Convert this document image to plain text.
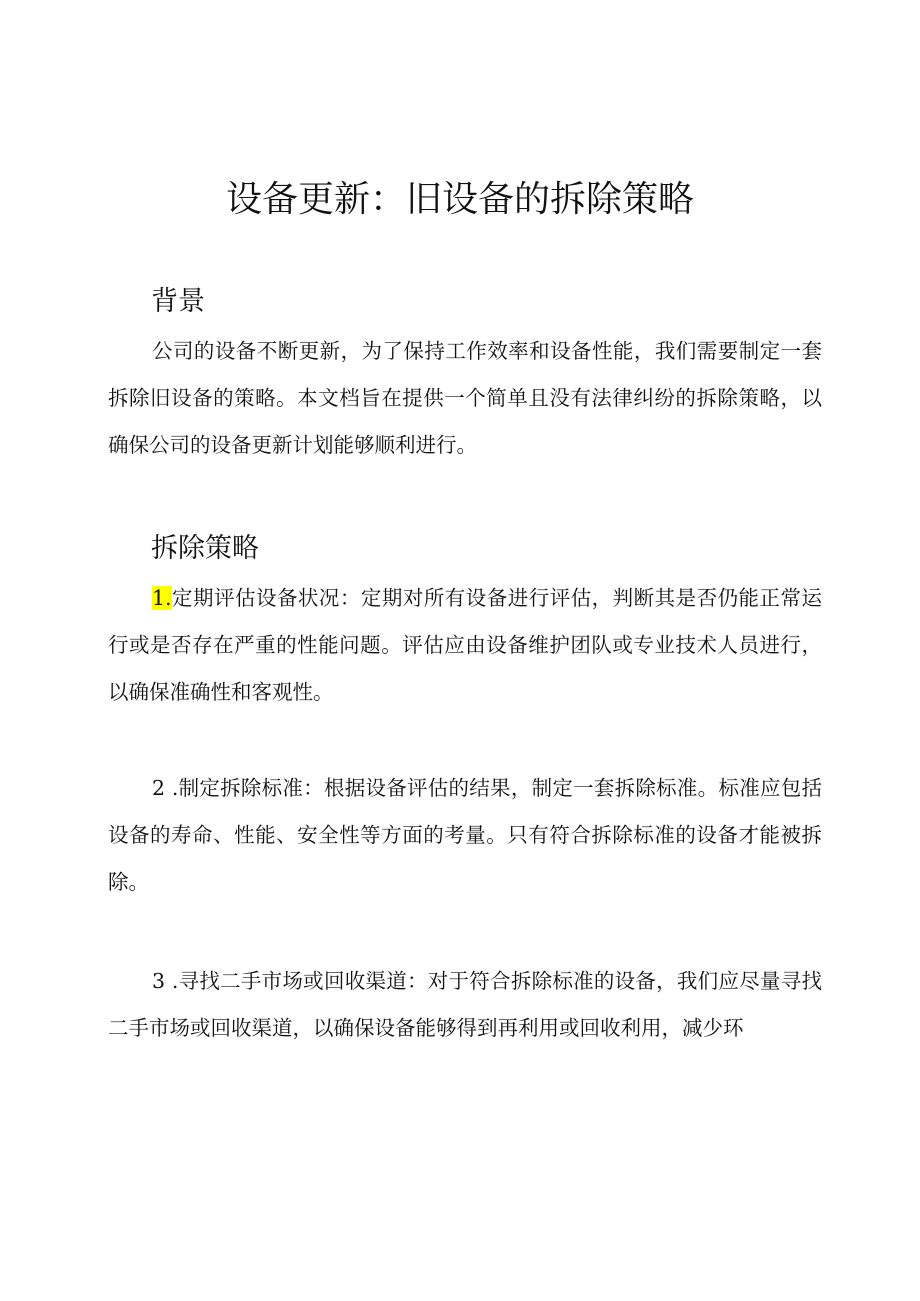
设备更新：旧设备的拆除策略
背景

公司的设备不断更新，为了保持工作效率和设备性能，我们需要制定一套拆除旧设备的策略。本文档旨在提供一个简单且没有法律纠纷的拆除策略，以确保公司的设备更新计划能够顺利进行。

拆除策略

1.定期评估设备状况：定期对所有设备进行评估，判断其是否仍能正常运行或是否存在严重的性能问题。评估应由设备维护团队或专业技术人员进行，以确保准确性和客观性。

2 .制定拆除标准：根据设备评估的结果，制定一套拆除标准。标准应包括设备的寿命、性能、安全性等方面的考量。只有符合拆除标准的设备才能被拆除。

3 .寻找二手市场或回收渠道：对于符合拆除标准的设备，我们应尽量寻找二手市场或回收渠道，以确保设备能够得到再利用或回收利用，减少环
